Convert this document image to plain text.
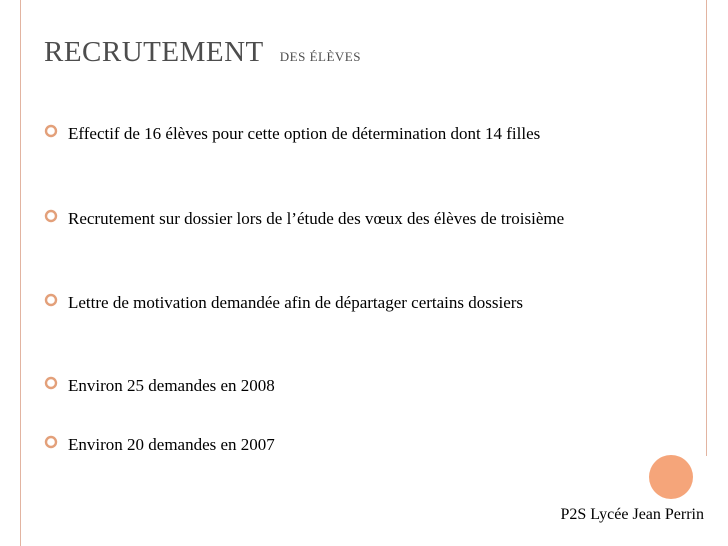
RECRUTEMENT DES ÉLÈVES
Effectif de 16 élèves pour cette option de détermination dont 14 filles
Recrutement sur dossier lors de l’étude des vœux des élèves de troisième
Lettre de motivation demandée afin de départager certains dossiers
Environ 25 demandes en 2008
Environ 20 demandes en 2007
P2S Lycée Jean Perrin
